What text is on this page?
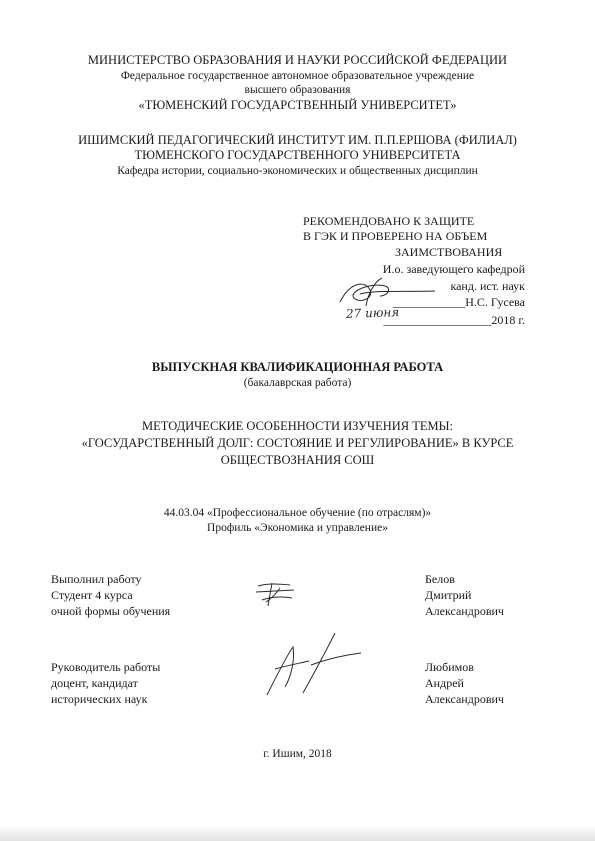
МИНИСТЕРСТВО ОБРАЗОВАНИЯ И НАУКИ РОССИЙСКОЙ ФЕДЕРАЦИИ
Федеральное государственное автономное образовательное учреждение
высшего образования
«ТЮМЕНСКИЙ ГОСУДАРСТВЕННЫЙ УНИВЕРСИТЕТ»
ИШИМСКИЙ ПЕДАГОГИЧЕСКИЙ ИНСТИТУТ ИМ. П.П.ЕРШОВА (ФИЛИАЛ)
ТЮМЕНСКОГО ГОСУДАРСТВЕННОГО УНИВЕРСИТЕТА
Кафедра истории, социально-экономических и общественных дисциплин
РЕКОМЕНДОВАНО К ЗАЩИТЕ
В ГЭК И ПРОВЕРЕНО НА ОБЪЕМ
ЗАИМСТВОВАНИЯ
И.о. заведующего кафедрой
канд. ист. наук
____________Н.С. Гусева
__________________2018 г.
27 июня
ВЫПУСКНАЯ КВАЛИФИКАЦИОННАЯ РАБОТА
(бакалаврская работа)
МЕТОДИЧЕСКИЕ ОСОБЕННОСТИ ИЗУЧЕНИЯ ТЕМЫ:
«ГОСУДАРСТВЕННЫЙ ДОЛГ: СОСТОЯНИЕ И РЕГУЛИРОВАНИЕ» В КУРСЕ
ОБЩЕСТВОЗНАНИЯ СОШ
44.03.04 «Профессиональное обучение (по отраслям)»
Профиль «Экономика и управление»
Выполнил работу
Студент 4 курса
очной формы обучения
Белов
Дмитрий
Александрович
Руководитель работы
доцент, кандидат
исторических наук
Любимов
Андрей
Александрович
г. Ишим, 2018
